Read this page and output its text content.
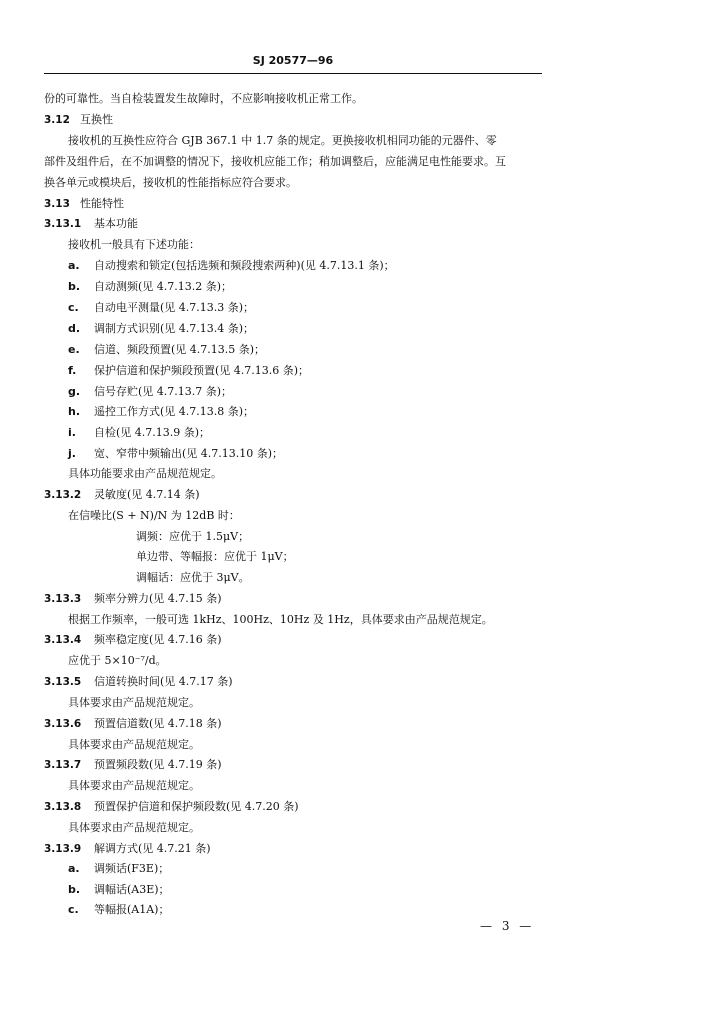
SJ 20577—96
份的可靠性。当自检装置发生故障时，不应影响接收机正常工作。
3.12 互换性
接收机的互换性应符合 GJB 367.1 中 1.7 条的规定。更换接收机相同功能的元器件、零
部件及组件后，在不加调整的情况下，接收机应能工作；稍加调整后，应能满足电性能要求。互
换各单元或模块后，接收机的性能指标应符合要求。
3.13 性能特性
3.13.1 基本功能
接收机一般具有下述功能：
a. 自动搜索和锁定(包括选频和频段搜索两种)(见 4.7.13.1 条)；
b. 自动测频(见 4.7.13.2 条)；
c. 自动电平测量(见 4.7.13.3 条)；
d. 调制方式识别(见 4.7.13.4 条)；
e. 信道、频段预置(见 4.7.13.5 条)；
f. 保护信道和保护频段预置(见 4.7.13.6 条)；
g. 信号存贮(见 4.7.13.7 条)；
h. 遥控工作方式(见 4.7.13.8 条)；
i. 自检(见 4.7.13.9 条)；
j. 宽、窄带中频输出(见 4.7.13.10 条)；
具体功能要求由产品规范规定。
3.13.2 灵敏度(见 4.7.14 条)
在信噪比(S + N)/N 为 12dB 时：
调频：应优于 1.5μV；
单边带、等幅报：应优于 1μV；
调幅话：应优于 3μV。
3.13.3 频率分辨力(见 4.7.15 条)
根据工作频率，一般可选 1kHz、100Hz、10Hz 及 1Hz，具体要求由产品规范规定。
3.13.4 频率稳定度(见 4.7.16 条)
应优于 5×10⁻⁷/d。
3.13.5 信道转换时间(见 4.7.17 条)
具体要求由产品规范规定。
3.13.6 预置信道数(见 4.7.18 条)
具体要求由产品规范规定。
3.13.7 预置频段数(见 4.7.19 条)
具体要求由产品规范规定。
3.13.8 预置保护信道和保护频段数(见 4.7.20 条)
具体要求由产品规范规定。
3.13.9 解调方式(见 4.7.21 条)
a. 调频话(F3E)；
b. 调幅话(A3E)；
c. 等幅报(A1A)；
— 3 —
